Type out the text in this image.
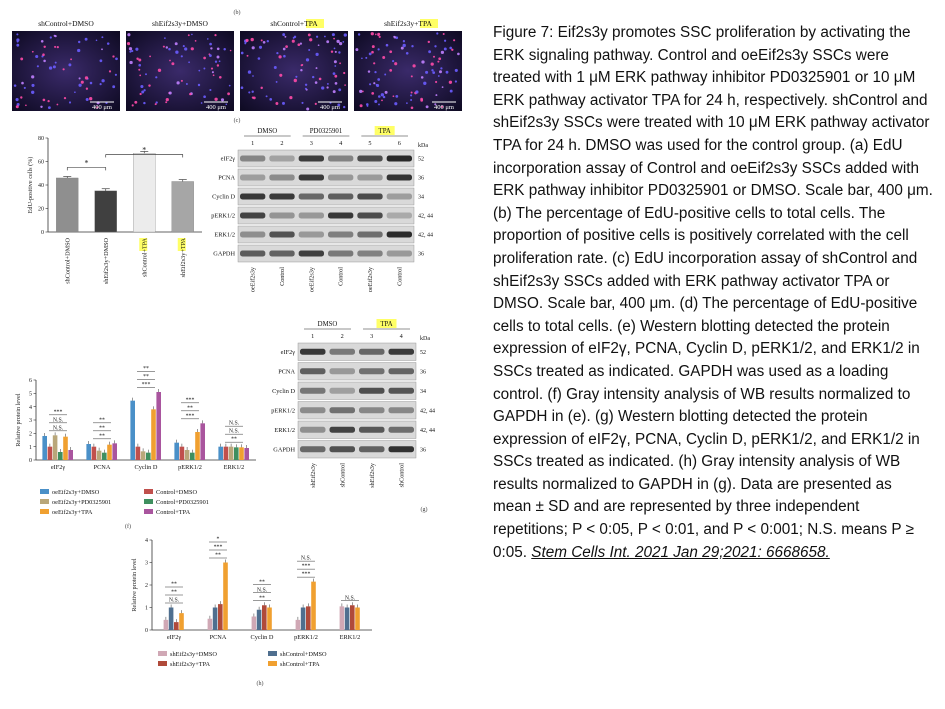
(b)
(c)
shControl+DMSO
400 μm
shEif2s3y+DMSO
400 μm
shControl+TPA
400 μm
shEif2s3y+TPA
400 μm
0
20
40
60
80
EdU-positive cells (%)
shControl+DMSO	shEif2s3y+DMSO	shControl+TPA
shEif2s3y+TPA
*
*
DMSO	PD0325901	TPA
1	2	3	4	5	6	kDa
eIF2γ	52
PCNA	36
Cyclin D	34
pERK1/2	42, 44
ERK1/2	42, 44
GAPDH	36
oeEif2s3y	Control	oeEif2s3y	Control	oeEif2s3y	Control
0
1
2
3
4
5
6
Relative protein level
eIF2γ	PCNA	Cyclin D	pERK1/2	ERK1/2
N.S.
N.S.
***
**
**
**
***
**
**
***
**
***
**
N.S.
N.S.
oeEif2s3y+DMSO	Control+DMSO
oeEif2s3y+PD0325901	Control+PD0325901
oeEif2s3y+TPA	Control+TPA
(f)
DMSO	TPA
1	2	3	4	kDa
eIF2γ	52
PCNA	36
Cyclin D	34
pERK1/2	42, 44
ERK1/2	42, 44
GAPDH	36
shEif2s3y	shControl	shEif2s3y	shControl
(g)
0
1
2
3
4
Relative protein level
eIF2γ	PCNA	Cyclin D	pERK1/2	ERK1/2
N.S.
**
**
**
***
*
**
N.S.
**
***
***
N.S.
N.S.
shEif2s3y+DMSO	shControl+DMSO
shEif2s3y+TPA	shControl+TPA
(h)

Figure 7: Eif2s3y promotes SSC proliferation by activating the ERK signaling pathway. Control and oeEif2s3y SSCs were treated with 1 μM ERK pathway inhibitor PD0325901 or 10 μM ERK pathway activator TPA for 24 h, respectively. shControl and shEif2s3y SSCs were treated with 10 μM ERK pathway activator TPA for 24 h. DMSO was used for the control group. (a) EdU incorporation assay of Control and oeEif2s3y SSCs added with ERK pathway inhibitor PD0325901 or DMSO. Scale bar, 400 μm. (b) The percentage of EdU-positive cells to total cells. The proportion of positive cells is positively correlated with the cell proliferation rate. (c) EdU incorporation assay of shControl and shEif2s3y SSCs added with ERK pathway activator TPA or DMSO. Scale bar, 400 μm. (d) The percentage of EdU-positive cells to total cells. (e) Western blotting detected the protein expression of eIF2γ, PCNA, Cyclin D, pERK1/2, and ERK1/2 in SSCs treated as indicated. GAPDH was used as a loading control. (f) Gray intensity analysis of WB results normalized to GAPDH in (e). (g) Western blotting detected the protein expression of eIF2γ, PCNA, Cyclin D, pERK1/2, and ERK1/2 in SSCs treated as indicated. (h) Gray intensity analysis of WB results normalized to GAPDH in (g). Data are presented as mean ± SD and are represented by three independent repetitions; P < 0:05, P < 0:01, and P < 0:001; N.S. means P ≥ 0:05. Stem Cells Int. 2021 Jan 29;2021: 6668658.
